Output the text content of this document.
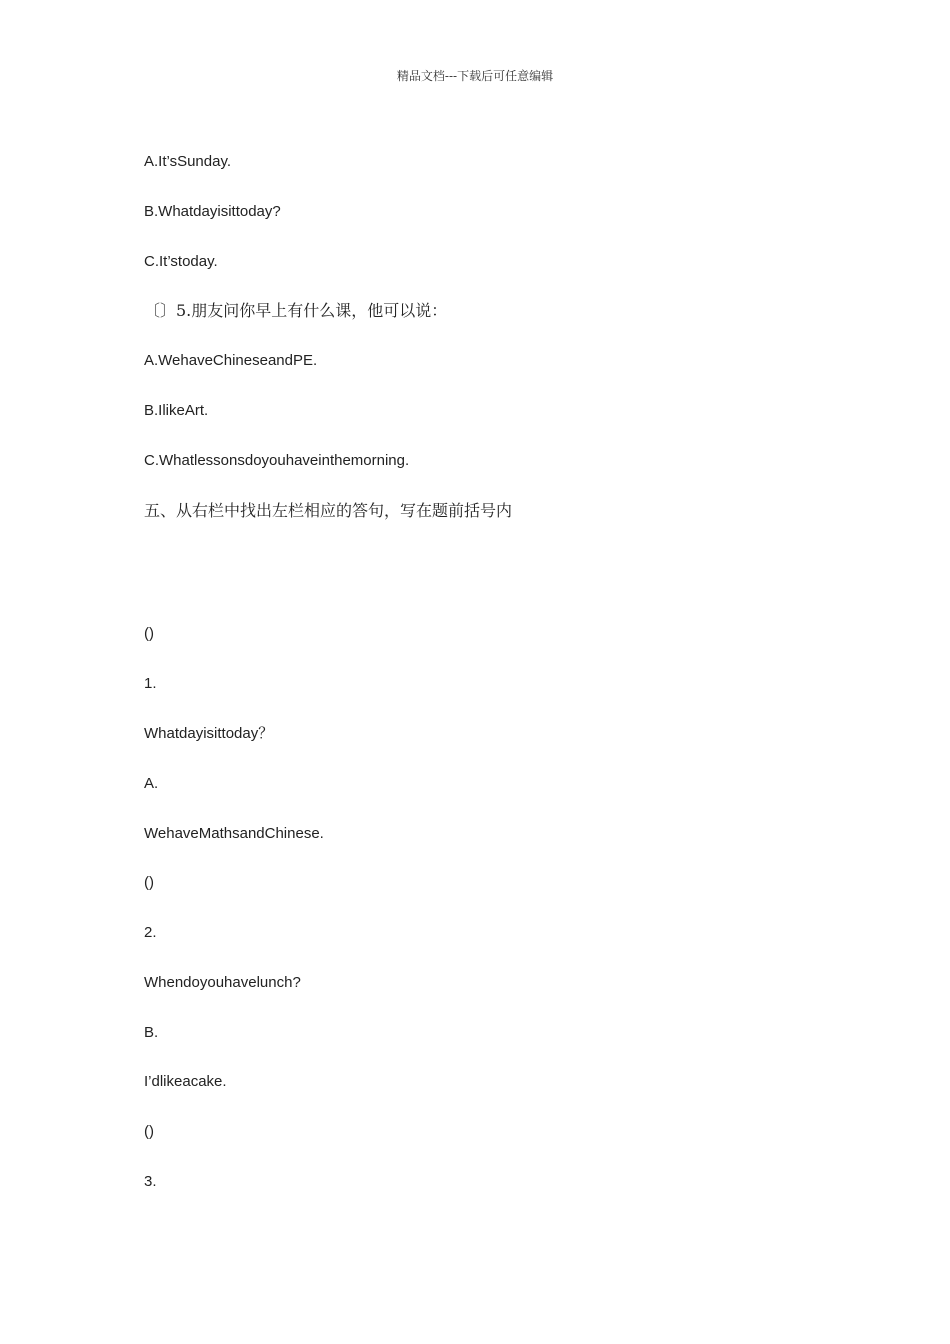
精品文档---下载后可任意编辑
A.It’sSunday.
B.Whatdayisittoday?
C.It’stoday.
〔〕5.朋友问你早上有什么课，他可以说：
A.WehaveChineseandPE.
B.IlikeArt.
C.Whatlessonsdoyouhaveinthemorning.
五、从右栏中找出左栏相应的答句，写在题前括号内
()
1.
Whatdayisittoday？
A.
WehaveMathsandChinese.
()
2.
Whendoyouhavelunch?
B.
I’dlikeacake.
()
3.
